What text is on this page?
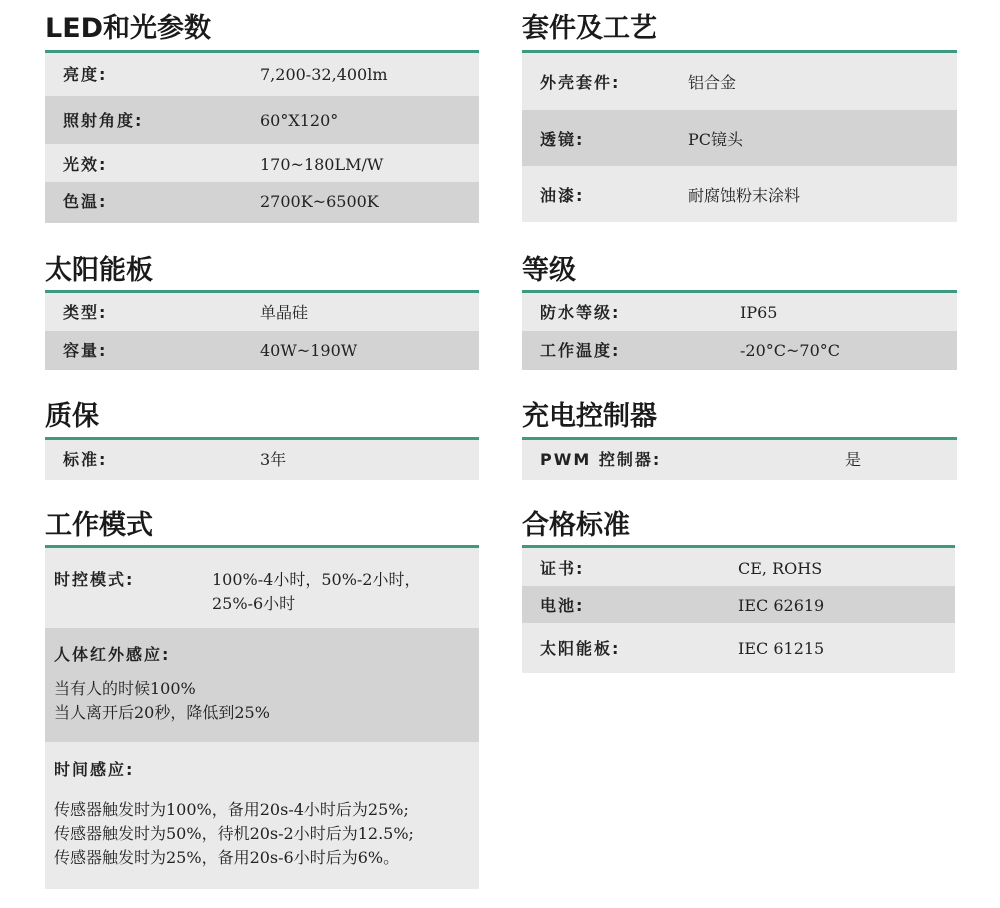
LED和光参数
亮度:	7,200-32,400lm
照射角度:	60°X120°
光效:	170~180LM/W
色温:	2700K~6500K
套件及工艺
外壳套件:	铝合金
透镜:	PC镜头
油漆:	耐腐蚀粉末涂料
太阳能板
类型:	单晶硅
容量:	40W~190W
等级
防水等级:	IP65
工作温度:	-20°C~70°C
质保
标准:	3年
充电控制器
PWM 控制器:	是
工作模式
时控模式:	100%-4小时，50%-2小时，
25%-6小时
人体红外感应:
当有人的时候100%
当人离开后20秒，降低到25%
时间感应:
传感器触发时为100%，备用20s-4小时后为25%;
传感器触发时为50%，待机20s-2小时后为12.5%;
传感器触发时为25%，备用20s-6小时后为6%。
合格标准
证书:	CE, ROHS
电池:	IEC 62619
太阳能板:	IEC 61215
